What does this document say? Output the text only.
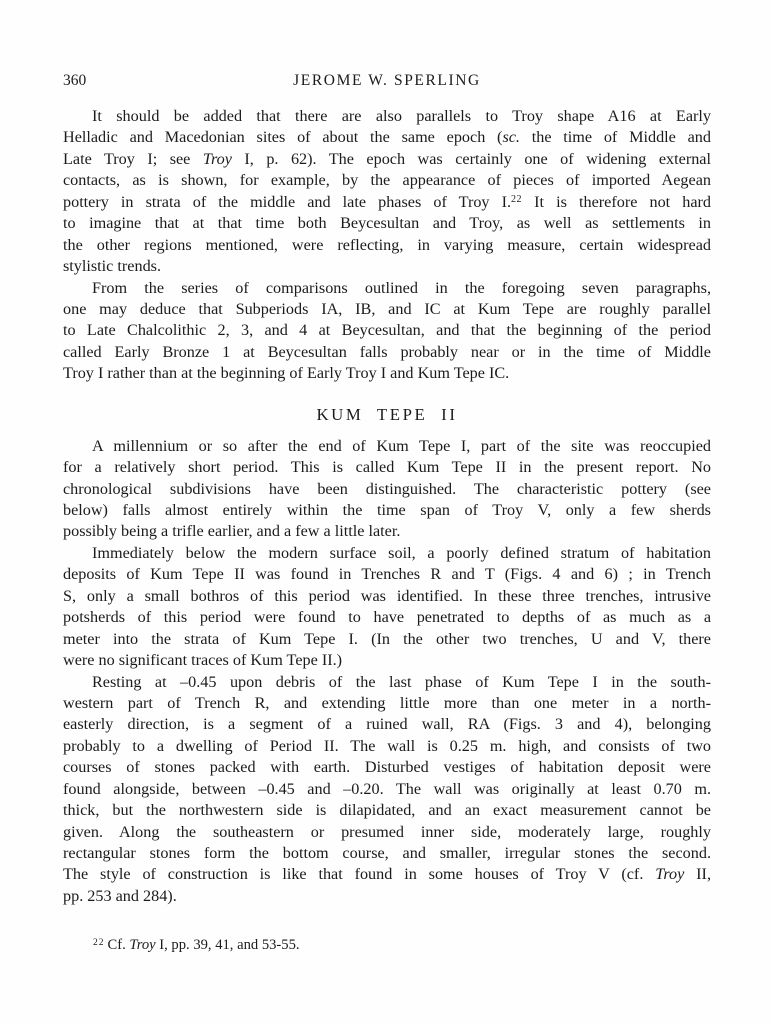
360	JEROME W. SPERLING
It should be added that there are also parallels to Troy shape A16 at Early
Helladic and Macedonian sites of about the same epoch (sc. the time of Middle and
Late Troy I; see Troy I, p. 62). The epoch was certainly one of widening external
contacts, as is shown, for example, by the appearance of pieces of imported Aegean
pottery in strata of the middle and late phases of Troy I.$^{22}$ It is therefore not hard
to imagine that at that time both Beycesultan and Troy, as well as settlements in
the other regions mentioned, were reflecting, in varying measure, certain widespread
stylistic trends.
From the series of comparisons outlined in the foregoing seven paragraphs,
one may deduce that Subperiods IA, IB, and IC at Kum Tepe are roughly parallel
to Late Chalcolithic 2, 3, and 4 at Beycesultan, and that the beginning of the period
called Early Bronze 1 at Beycesultan falls probably near or in the time of Middle
Troy I rather than at the beginning of Early Troy I and Kum Tepe IC.
KUM TEPE II
A millennium or so after the end of Kum Tepe I, part of the site was reoccupied
for a relatively short period. This is called Kum Tepe II in the present report. No
chronological subdivisions have been distinguished. The characteristic pottery (see
below) falls almost entirely within the time span of Troy V, only a few sherds
possibly being a trifle earlier, and a few a little later.
Immediately below the modern surface soil, a poorly defined stratum of habitation
deposits of Kum Tepe II was found in Trenches R and T (Figs. 4 and 6) ; in Trench
S, only a small bothros of this period was identified. In these three trenches, intrusive
potsherds of this period were found to have penetrated to depths of as much as a
meter into the strata of Kum Tepe I. (In the other two trenches, U and V, there
were no significant traces of Kum Tepe II.)
Resting at –0.45 upon debris of the last phase of Kum Tepe I in the south-
western part of Trench R, and extending little more than one meter in a north-
easterly direction, is a segment of a ruined wall, RA (Figs. 3 and 4), belonging
probably to a dwelling of Period II. The wall is 0.25 m. high, and consists of two
courses of stones packed with earth. Disturbed vestiges of habitation deposit were
found alongside, between –0.45 and –0.20. The wall was originally at least 0.70 m.
thick, but the northwestern side is dilapidated, and an exact measurement cannot be
given. Along the southeastern or presumed inner side, moderately large, roughly
rectangular stones form the bottom course, and smaller, irregular stones the second.
The style of construction is like that found in some houses of Troy V (cf. Troy II,
pp. 253 and 284).
$^{22}$ Cf. Troy I, pp. 39, 41, and 53-55.
